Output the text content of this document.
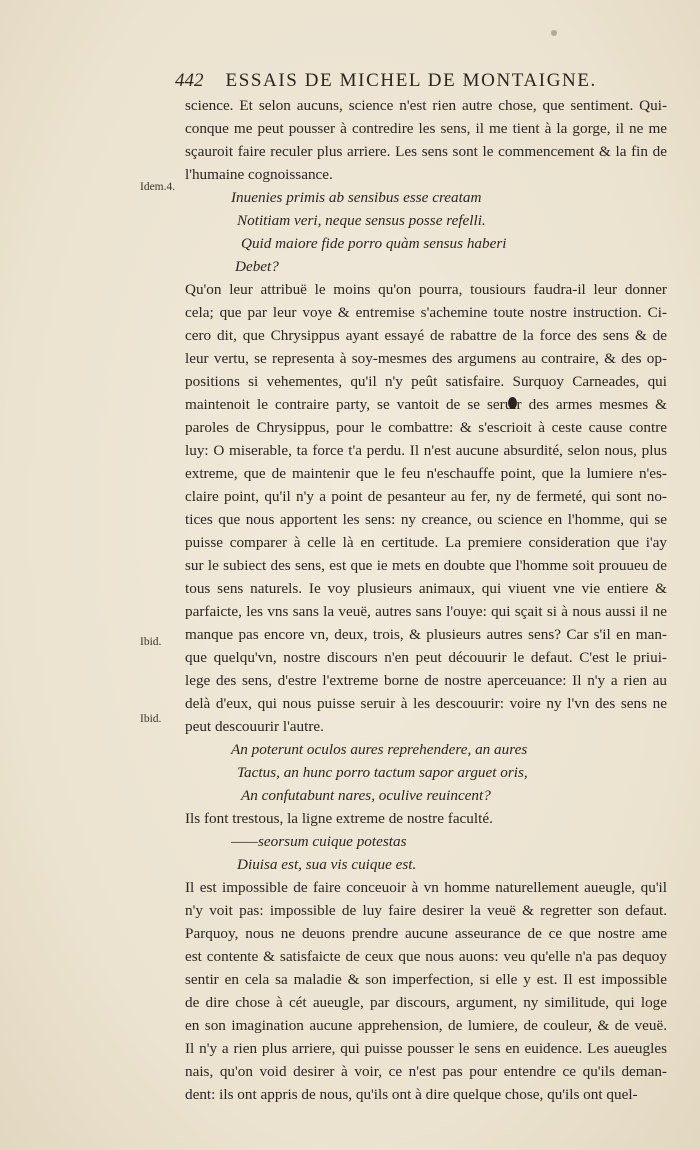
442 ESSAIS DE MICHEL DE MONTAIGNE.
Idem.4.
Ibid.
Ibid.
science. Et selon aucuns, science n'est rien autre chose, que sentiment. Qui-
conque me peut pousser à contredire les sens, il me tient à la gorge, il ne me
sçauroit faire reculer plus arriere. Les sens sont le commencement & la fin de
l'humaine cognoissance.
Inuenies primis ab sensibus esse creatam
Notitiam veri, neque sensus posse refelli.
Quid maiore fide porro quàm sensus haberi
Debet?
Qu'on leur attribuë le moins qu'on pourra, tousiours faudra-il leur donner
cela; que par leur voye & entremise s'achemine toute nostre instruction. Ci-
cero dit, que Chrysippus ayant essayé de rabattre de la force des sens & de
leur vertu, se representa à soy-mesmes des argumens au contraire, & des op-
positions si vehementes, qu'il n'y peût satisfaire. Surquoy Carneades, qui
maintenoit le contraire party, se vantoit de se seruir des armes mesmes &
paroles de Chrysippus, pour le combattre: & s'escrioit à ceste cause contre
luy: O miserable, ta force t'a perdu. Il n'est aucune absurdité, selon nous, plus
extreme, que de maintenir que le feu n'eschauffe point, que la lumiere n'es-
claire point, qu'il n'y a point de pesanteur au fer, ny de fermeté, qui sont no-
tices que nous apportent les sens: ny creance, ou science en l'homme, qui se
puisse comparer à celle là en certitude. La premiere consideration que i'ay
sur le subiect des sens, est que ie mets en doubte que l'homme soit prouueu de
tous sens naturels. Ie voy plusieurs animaux, qui viuent vne vie entiere &
parfaicte, les vns sans la veuë, autres sans l'ouye: qui sçait si à nous aussi il ne
manque pas encore vn, deux, trois, & plusieurs autres sens? Car s'il en man-
que quelqu'vn, nostre discours n'en peut découurir le defaut. C'est le priui-
lege des sens, d'estre l'extreme borne de nostre aperceuance: Il n'y a rien au
delà d'eux, qui nous puisse seruir à les descouurir: voire ny l'vn des sens ne
peut descouurir l'autre.
An poterunt oculos aures reprehendere, an aures
Tactus, an hunc porro tactum sapor arguet oris,
An confutabunt nares, oculive reuincent?
Ils font trestous, la ligne extreme de nostre faculté.
——seorsum cuique potestas
Diuisa est, sua vis cuique est.
Il est impossible de faire conceuoir à vn homme naturellement aueugle, qu'il
n'y voit pas: impossible de luy faire desirer la veuë & regretter son defaut.
Parquoy, nous ne deuons prendre aucune asseurance de ce que nostre ame
est contente & satisfaicte de ceux que nous auons: veu qu'elle n'a pas dequoy
sentir en cela sa maladie & son imperfection, si elle y est. Il est impossible
de dire chose à cét aueugle, par discours, argument, ny similitude, qui loge
en son imagination aucune apprehension, de lumiere, de couleur, & de veuë.
Il n'y a rien plus arriere, qui puisse pousser le sens en euidence. Les aueugles
nais, qu'on void desirer à voir, ce n'est pas pour entendre ce qu'ils deman-
dent: ils ont appris de nous, qu'ils ont à dire quelque chose, qu'ils ont quel-
